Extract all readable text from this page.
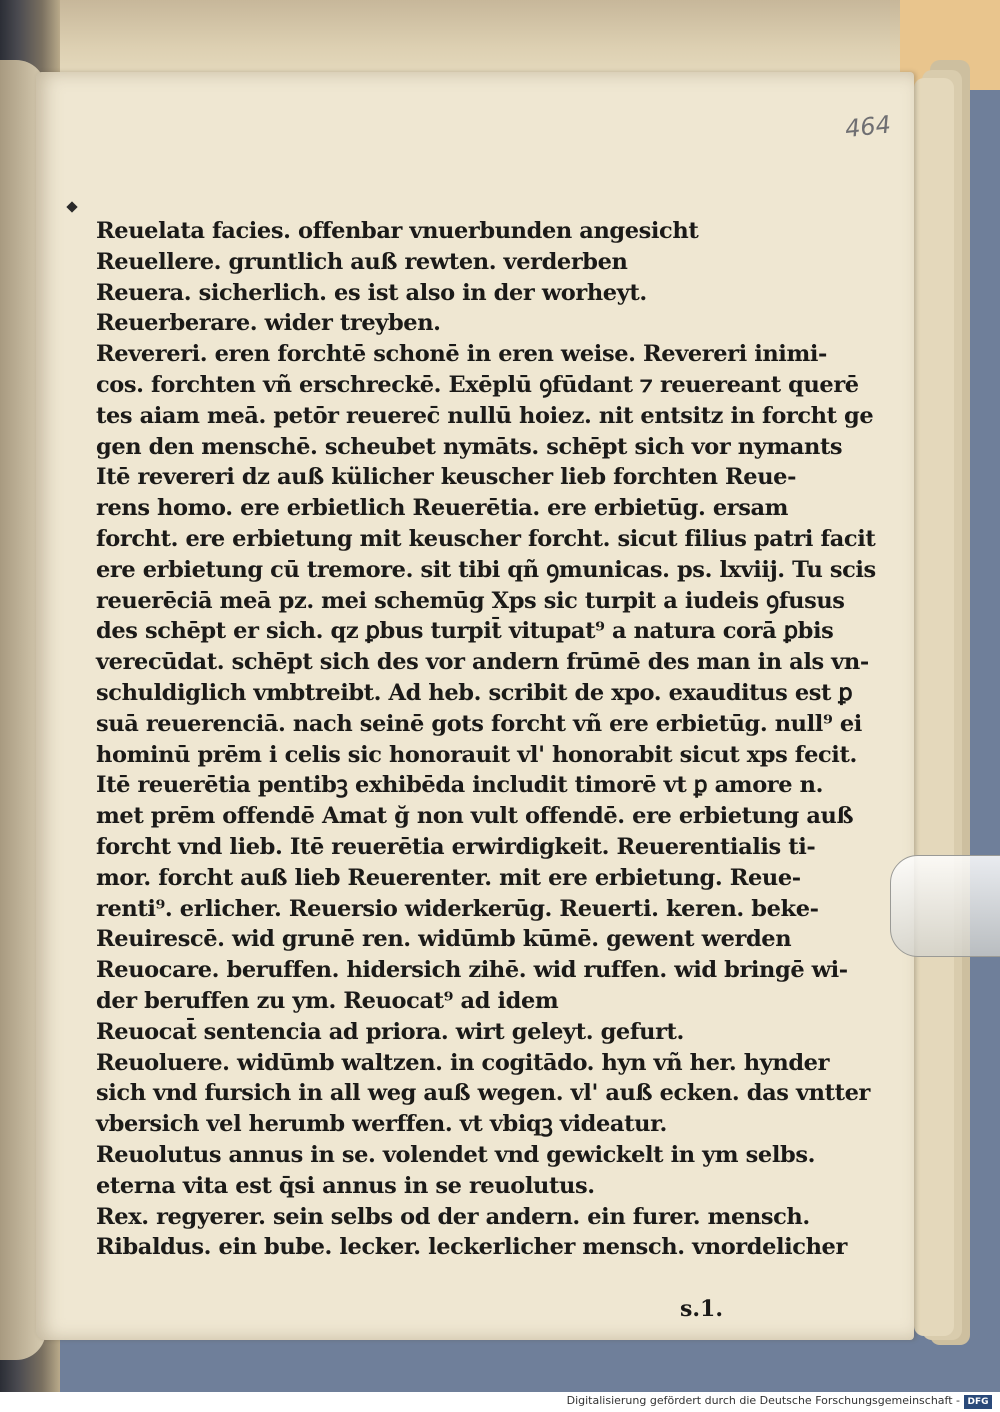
464
Reuelata facies. offenbar vnuerbunden angesicht
Reuellere. gruntlich auß rewten. verderben
Reuera. sicherlich. es ist also in der worheyt.
Reuerberare. wider treyben.
Revereri. eren forchtē schonē in eren weise. Revereri inimi-
cos. forchten vñ erschreckē. Exēplū ꝯfūdant ⁊ reuereant querē
tes aiam meā. petōr reuerec̄ nullū hoiez. nit entsitz in forcht ge
gen den menschē. scheubet nymāts. schēpt sich vor nymants
Itē revereri dz auß külicher keuscher lieb forchten Reue-
rens homo. ere erbietlich Reuerētia. ere erbietūg. ersam
forcht. ere erbietung mit keuscher forcht. sicut filius patri facit
ere erbietung cū tremore. sit tibi qñ ꝯmunicas. ps. lxviij. Tu scis
reuerēciā meā pz. mei schemūg Xps sic turpit a iudeis ꝯfusus
des schēpt er sich. qz ꝑbus turpit̄ vitupat⁹ a natura corā ꝑbis
verecūdat. schēpt sich des vor andern frūmē des man in als vn-
schuldiglich vmbtreibt. Ad heb. scribit de xpo. exauditus est ꝑ
suā reuerenciā. nach seinē gots forcht vñ ere erbietūg. null⁹ ei
hominū prēm i celis sic honorauit vl' honorabit sicut xps fecit.
Itē reuerētia pentibꝫ exhibēda includit timorē vt ꝑ amore n.
met prēm offendē Amat ğ non vult offendē. ere erbietung auß
forcht vnd lieb. Itē reuerētia erwirdigkeit. Reuerentialis ti-
mor. forcht auß lieb Reuerenter. mit ere erbietung. Reue-
renti⁹. erlicher. Reuersio widerkerūg. Reuerti. keren. beke-
Reuirescē. wid grunē ren. widūmb kūmē. gewent werden
Reuocare. beruffen. hidersich zihē. wid ruffen. wid bringē wi-
der beruffen zu ym. Reuocat⁹ ad idem
Reuocat̄ sentencia ad priora. wirt geleyt. gefurt.
Reuoluere. widūmb waltzen. in cogitādo. hyn vñ her. hynder
sich vnd fursich in all weg auß wegen. vl' auß ecken. das vntter
vbersich vel herumb werffen. vt vbiqꝫ videatur.
Reuolutus annus in se. volendet vnd gewickelt in ym selbs.
eterna vita est q̄si annus in se reuolutus.
Rex. regyerer. sein selbs od der andern. ein furer. mensch.
Ribaldus. ein bube. lecker. leckerlicher mensch. vnordelicher
s.1.
Digitalisierung gefördert durch die Deutsche Forschungsgemeinschaft - DFG
